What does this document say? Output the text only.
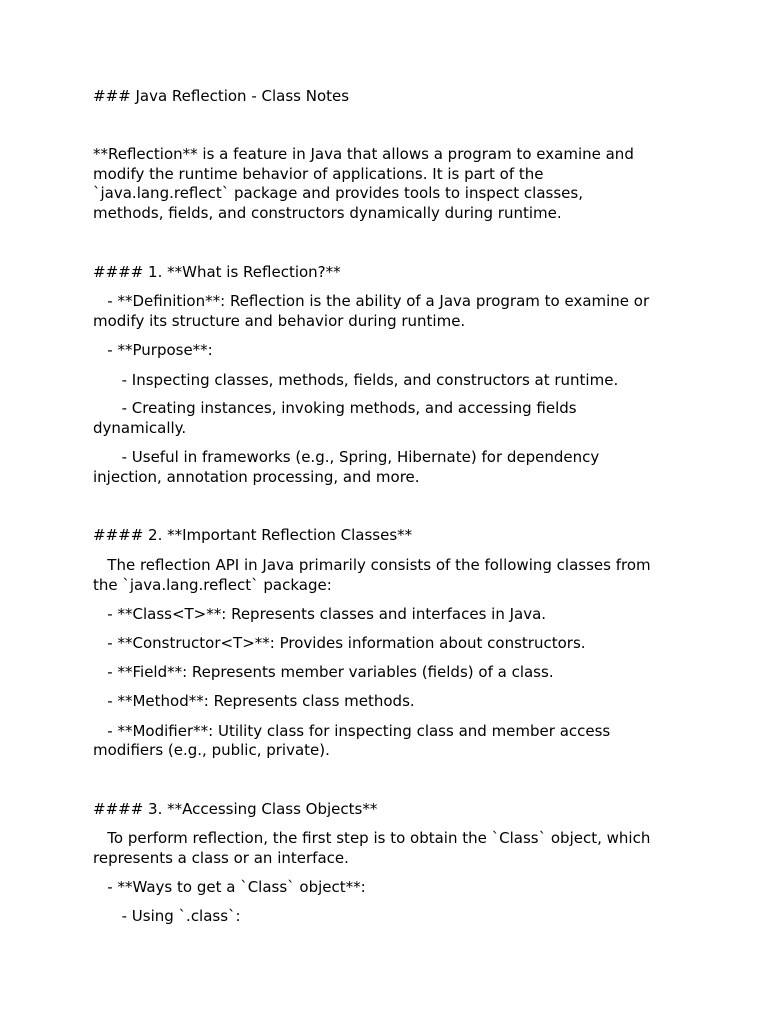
### Java Reflection - Class Notes
**Reflection** is a feature in Java that allows a program to examine and
modify the runtime behavior of applications. It is part of the
`java.lang.reflect` package and provides tools to inspect classes,
methods, fields, and constructors dynamically during runtime.
#### 1. **What is Reflection?**
- **Definition**: Reflection is the ability of a Java program to examine or
modify its structure and behavior during runtime.
- **Purpose**:
- Inspecting classes, methods, fields, and constructors at runtime.
- Creating instances, invoking methods, and accessing fields
dynamically.
- Useful in frameworks (e.g., Spring, Hibernate) for dependency
injection, annotation processing, and more.
#### 2. **Important Reflection Classes**
The reflection API in Java primarily consists of the following classes from
the `java.lang.reflect` package:
- **Class<T>**: Represents classes and interfaces in Java.
- **Constructor<T>**: Provides information about constructors.
- **Field**: Represents member variables (fields) of a class.
- **Method**: Represents class methods.
- **Modifier**: Utility class for inspecting class and member access
modifiers (e.g., public, private).
#### 3. **Accessing Class Objects**
To perform reflection, the first step is to obtain the `Class` object, which
represents a class or an interface.
- **Ways to get a `Class` object**:
- Using `.class`:
